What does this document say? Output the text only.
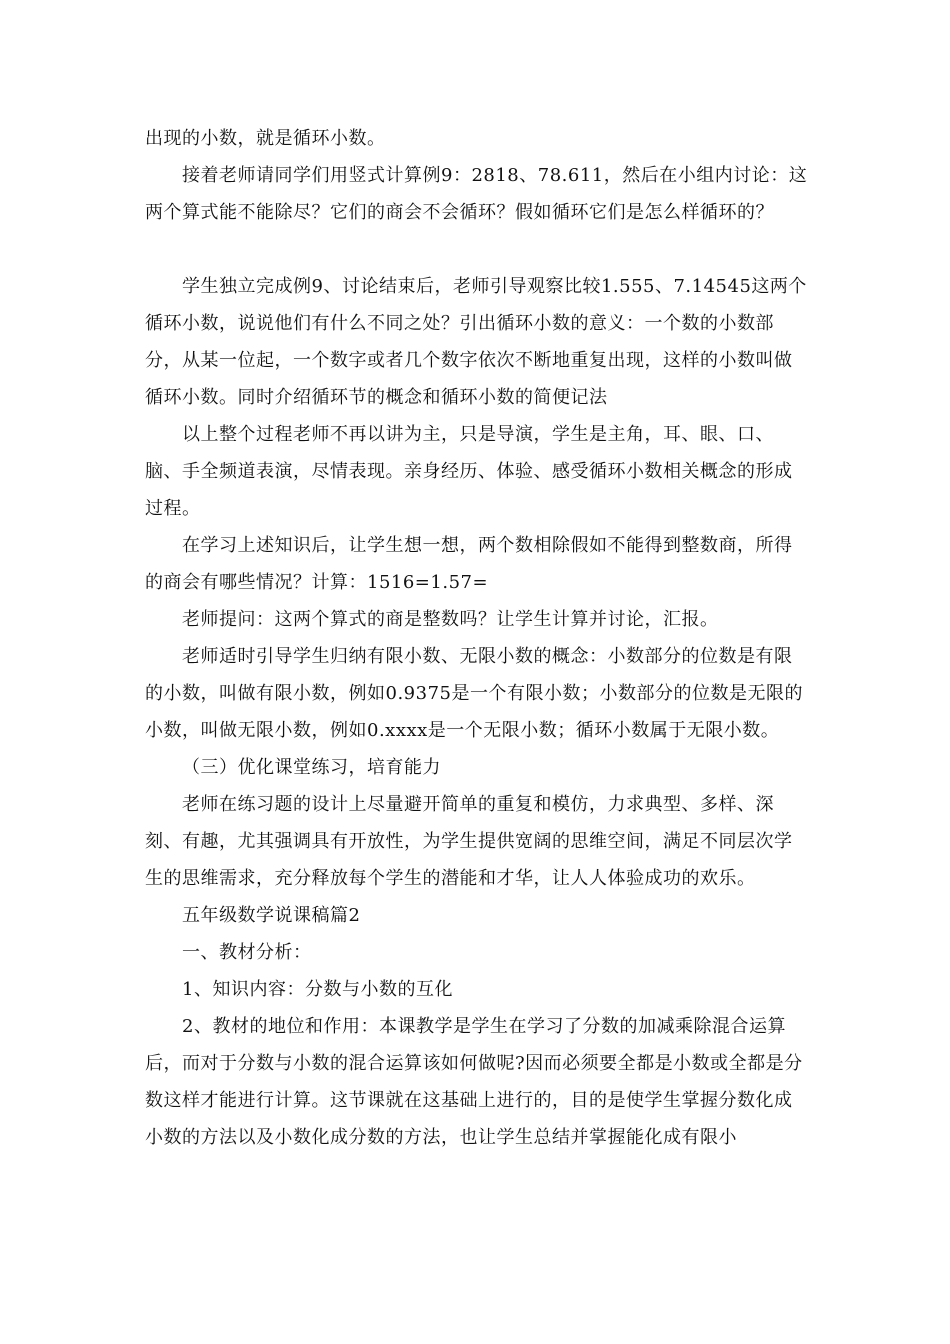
出现的小数，就是循环小数。

接着老师请同学们用竖式计算例9：2818、78.611，然后在小组内讨论：这两个算式能不能除尽？它们的商会不会循环？假如循环它们是怎么样循环的？

学生独立完成例9、讨论结束后，老师引导观察比较1.555、7.14545这两个循环小数，说说他们有什么不同之处？引出循环小数的意义：一个数的小数部分，从某一位起，一个数字或者几个数字依次不断地重复出现，这样的小数叫做循环小数。同时介绍循环节的概念和循环小数的简便记法

以上整个过程老师不再以讲为主，只是导演，学生是主角，耳、眼、口、脑、手全频道表演，尽情表现。亲身经历、体验、感受循环小数相关概念的形成过程。

在学习上述知识后，让学生想一想，两个数相除假如不能得到整数商，所得的商会有哪些情况？计算：1516=1.57=

老师提问：这两个算式的商是整数吗？让学生计算并讨论，汇报。

老师适时引导学生归纳有限小数、无限小数的概念：小数部分的位数是有限的小数，叫做有限小数，例如0.9375是一个有限小数；小数部分的位数是无限的小数，叫做无限小数，例如0.xxxx是一个无限小数；循环小数属于无限小数。

（三）优化课堂练习，培育能力

老师在练习题的设计上尽量避开简单的重复和模仿，力求典型、多样、深刻、有趣，尤其强调具有开放性，为学生提供宽阔的思维空间，满足不同层次学生的思维需求，充分释放每个学生的潜能和才华，让人人体验成功的欢乐。

五年级数学说课稿篇2

一、教材分析：

1、知识内容：分数与小数的互化

2、教材的地位和作用：本课教学是学生在学习了分数的加减乘除混合运算后，而对于分数与小数的混合运算该如何做呢?因而必须要全都是小数或全都是分数这样才能进行计算。这节课就在这基础上进行的，目的是使学生掌握分数化成小数的方法以及小数化成分数的方法，也让学生总结并掌握能化成有限小
